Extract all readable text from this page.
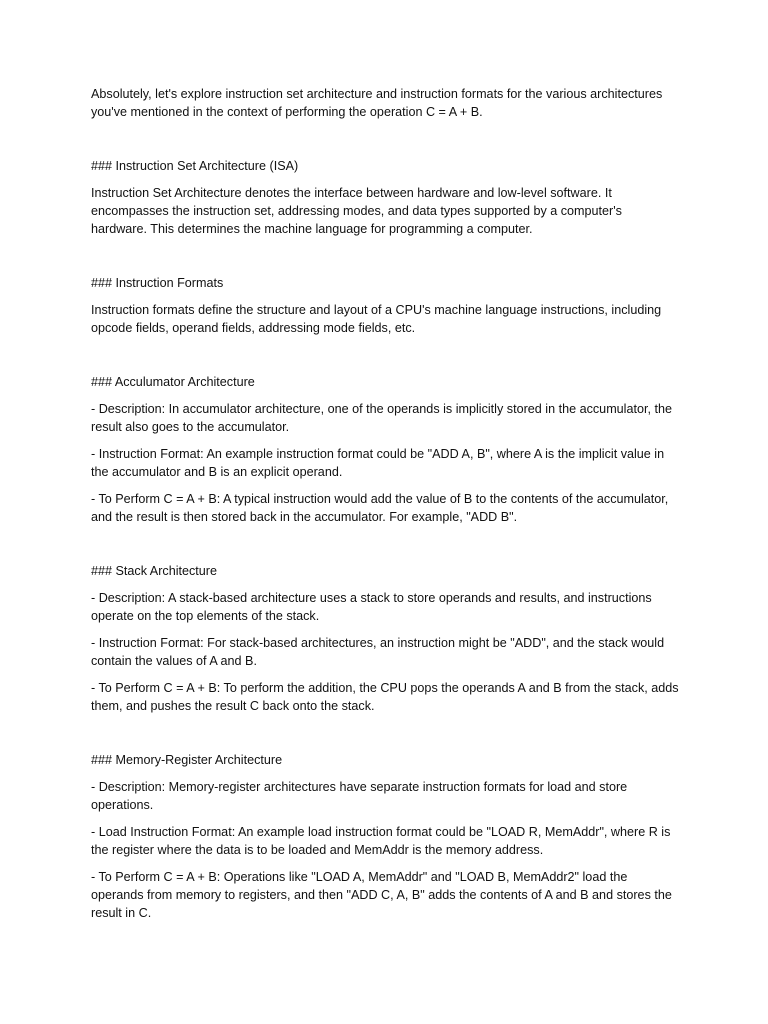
Absolutely, let's explore instruction set architecture and instruction formats for the various architectures you've mentioned in the context of performing the operation C = A + B.

### Instruction Set Architecture (ISA)

Instruction Set Architecture denotes the interface between hardware and low-level software. It encompasses the instruction set, addressing modes, and data types supported by a computer's hardware. This determines the machine language for programming a computer.

### Instruction Formats

Instruction formats define the structure and layout of a CPU's machine language instructions, including opcode fields, operand fields, addressing mode fields, etc.

### Acculumator Architecture

- Description: In accumulator architecture, one of the operands is implicitly stored in the accumulator, the result also goes to the accumulator.

- Instruction Format: An example instruction format could be "ADD A, B", where A is the implicit value in the accumulator and B is an explicit operand.

- To Perform C = A + B: A typical instruction would add the value of B to the contents of the accumulator, and the result is then stored back in the accumulator. For example, "ADD B".

### Stack Architecture

- Description: A stack-based architecture uses a stack to store operands and results, and instructions operate on the top elements of the stack.

- Instruction Format: For stack-based architectures, an instruction might be "ADD", and the stack would contain the values of A and B.

- To Perform C = A + B: To perform the addition, the CPU pops the operands A and B from the stack, adds them, and pushes the result C back onto the stack.

### Memory-Register Architecture

- Description: Memory-register architectures have separate instruction formats for load and store operations.

- Load Instruction Format: An example load instruction format could be "LOAD R, MemAddr", where R is the register where the data is to be loaded and MemAddr is the memory address.

- To Perform C = A + B: Operations like "LOAD A, MemAddr" and "LOAD B, MemAddr2" load the operands from memory to registers, and then "ADD C, A, B" adds the contents of A and B and stores the result in C.
